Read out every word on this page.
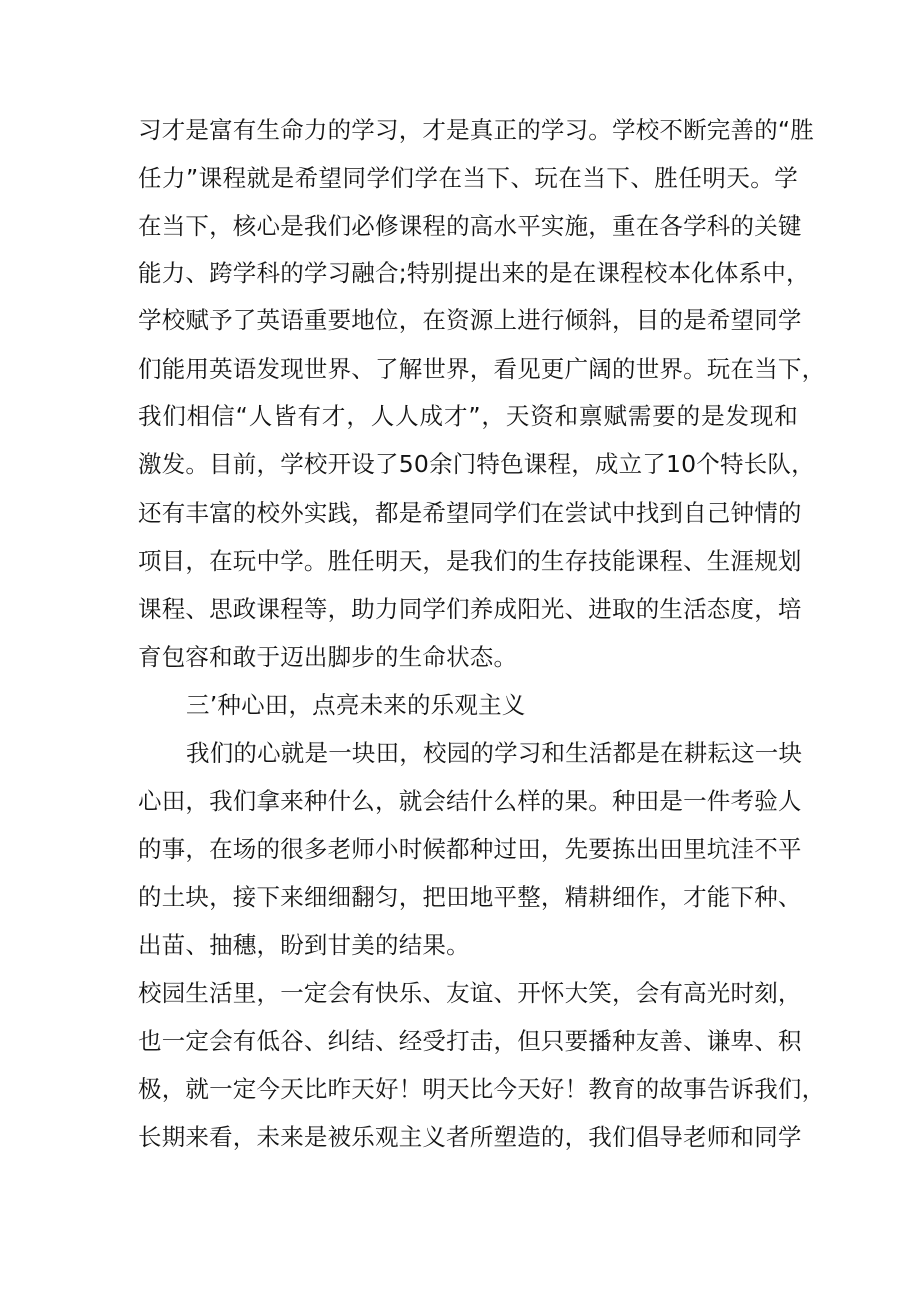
习才是富有生命力的学习，才是真正的学习。学校不断完善的“胜
任力”课程就是希望同学们学在当下、玩在当下、胜任明天。学
在当下，核心是我们必修课程的高水平实施，重在各学科的关键
能力、跨学科的学习融合;特别提出来的是在课程校本化体系中，
学校赋予了英语重要地位，在资源上进行倾斜，目的是希望同学
们能用英语发现世界、了解世界，看见更广阔的世界。玩在当下，
我们相信“人皆有才，人人成才”，天资和禀赋需要的是发现和
激发。目前，学校开设了50余门特色课程，成立了10个特长队，
还有丰富的校外实践，都是希望同学们在尝试中找到自己钟情的
项目，在玩中学。胜任明天，是我们的生存技能课程、生涯规划
课程、思政课程等，助力同学们养成阳光、进取的生活态度，培
育包容和敢于迈出脚步的生命状态。
三’种心田，点亮未来的乐观主义
我们的心就是一块田，校园的学习和生活都是在耕耘这一块
心田，我们拿来种什么，就会结什么样的果。种田是一件考验人
的事，在场的很多老师小时候都种过田，先要拣出田里坑洼不平
的土块，接下来细细翻匀，把田地平整，精耕细作，才能下种、
出苗、抽穗，盼到甘美的结果。
校园生活里，一定会有快乐、友谊、开怀大笑，会有高光时刻，
也一定会有低谷、纠结、经受打击，但只要播种友善、谦卑、积
极，就一定今天比昨天好！明天比今天好！教育的故事告诉我们，
长期来看，未来是被乐观主义者所塑造的，我们倡导老师和同学
